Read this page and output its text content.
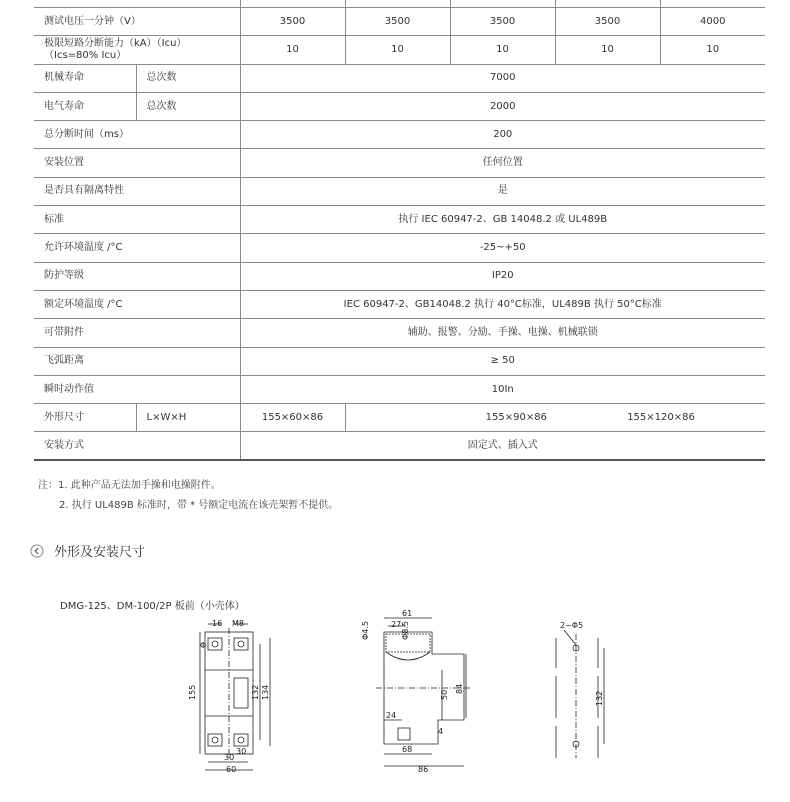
测试电压一分钟（V）		3500	3500	3500	3500	4000

极限短路分断能力（kA）（Icu）
（Ics=80% Icu）		10	10	10	10	10
机械寿命	总次数	7000				
电气寿命	总次数	2000				
总分断时间（ms）		200				
安装位置		任何位置				
是否具有隔离特性		是				
标准		执行 IEC 60947-2、GB 14048.2 或 UL489B				
允许环境温度 /°C		-25~+50				
防护等级		IP20				
额定环境温度 /°C		IEC 60947-2、GB14048.2 执行 40°C标准，UL489B 执行 50°C标准				
可带附件		辅助、报警、分励、手操、电操、机械联锁				
飞弧距离		≥ 50				
瞬时动作值		10In				
外形尺寸	L×W×H	155×60×86	155×90×86 155×120×86			

安装方式		固定式、插入式				
注：1. 此种产品无法加手操和电操附件。
2. 执行 UL489B 标准时，带 * 号额定电流在该壳架暂不提供。
外形及安装尺寸
DMG-125、DM-100/2P 板前（小壳体）
16 M8
155	132 134
Φ
30
30
60
Φ4.5	Φ8.5
61
27
50
84
24
4
68
86
2−Φ5
132
